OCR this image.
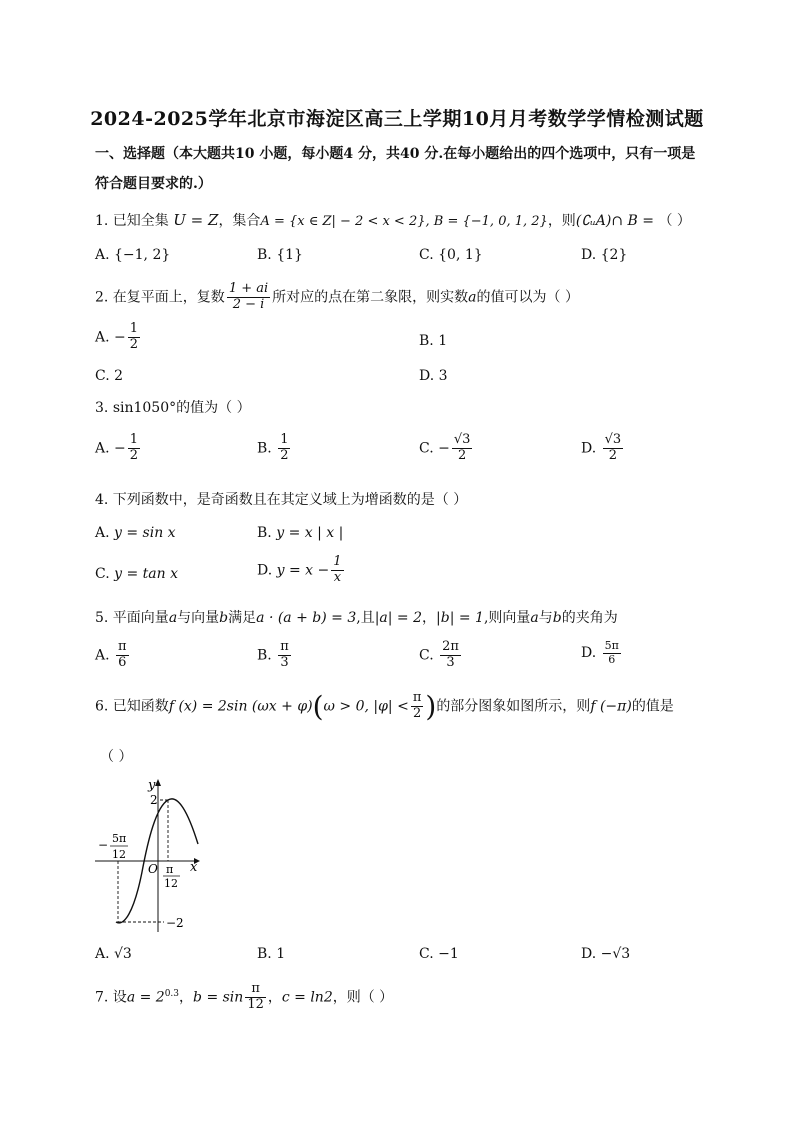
2024-2025学年北京市海淀区高三上学期10月月考数学学情检测试题
一、选择题（本大题共10 小题，每小题4 分，共40 分.在每小题给出的四个选项中，只有一项是
符合题目要求的.）
1. 已知全集 U = Z，集合A = {x ∈ Z| − 2 < x < 2}, B = {−1, 0, 1, 2}，则(∁ᵤA)∩ B = （ ）
A. {−1, 2}	B. {1}	C. {0, 1}	D. {2}
2. 在复平面上，复数 $\frac{1 + ai}{2 - i}$ 所对应的点在第二象限，则实数a的值可以为（ ）
A. − $\frac{1}{2}$	B. 1
C. 2	D. 3
3. sin1050°的值为（ ）
A. − $\frac{1}{2}$	B. $\frac{1}{2}$	C. − $\frac{√3}{2}$	D. $\frac{√3}{2}$
4. 下列函数中，是奇函数且在其定义域上为增函数的是（ ）
A. y = sin x	B. y = x | x |
C. y = tan x	D. $y = x - \frac{1}{x}$
5. 平面向量a与向量b满足a · (a + b) = 3,且|a| = 2，|b| = 1,则向量a与b的夹角为
A. $\frac{\pi}{6}$	B. $\frac{\pi}{3}$	C. $\frac{2\pi}{3}$	D. $\frac{5\pi}{6}$
6. 已知函数f (x) = 2sin (ωx + φ)(ω > 0, $|\varphi| < \frac{\pi}{2}$ )的部分图象如图所示，则f (−π)的值是
（ ）
y
x
O
2
−2
− 5π
12
π
12
A. √3	B. 1	C. −1	D. −√3
7. 设$a = 2^{0.3}$，$b = \sin \frac{\pi}{12}$ ，c = ln2，则（ ）
